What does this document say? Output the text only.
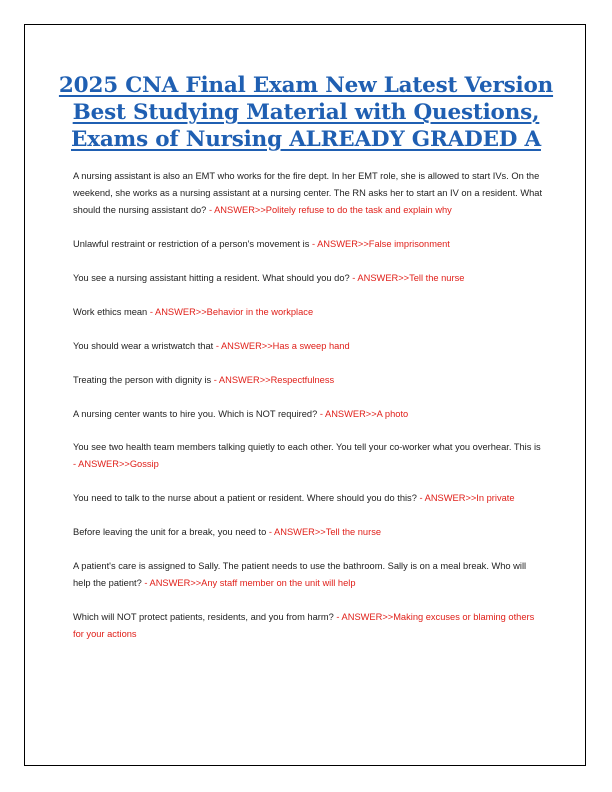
2025 CNA Final Exam New Latest Version Best Studying Material with Questions, Exams of Nursing ALREADY GRADED A
A nursing assistant is also an EMT who works for the fire dept. In her EMT role, she is allowed to start IVs. On the weekend, she works as a nursing assistant at a nursing center. The RN asks her to start an IV on a resident. What should the nursing assistant do? - ANSWER>>Politely refuse to do the task and explain why
Unlawful restraint or restriction of a person's movement is - ANSWER>>False imprisonment
You see a nursing assistant hitting a resident. What should you do? - ANSWER>>Tell the nurse
Work ethics mean - ANSWER>>Behavior in the workplace
You should wear a wristwatch that - ANSWER>>Has a sweep hand
Treating the person with dignity is - ANSWER>>Respectfulness
A nursing center wants to hire you. Which is NOT required? - ANSWER>>A photo
You see two health team members talking quietly to each other. You tell your co-worker what you overhear. This is - ANSWER>>Gossip
You need to talk to the nurse about a patient or resident. Where should you do this? - ANSWER>>In private
Before leaving the unit for a break, you need to - ANSWER>>Tell the nurse
A patient's care is assigned to Sally. The patient needs to use the bathroom. Sally is on a meal break. Who will help the patient? - ANSWER>>Any staff member on the unit will help
Which will NOT protect patients, residents, and you from harm? - ANSWER>>Making excuses or blaming others for your actions
